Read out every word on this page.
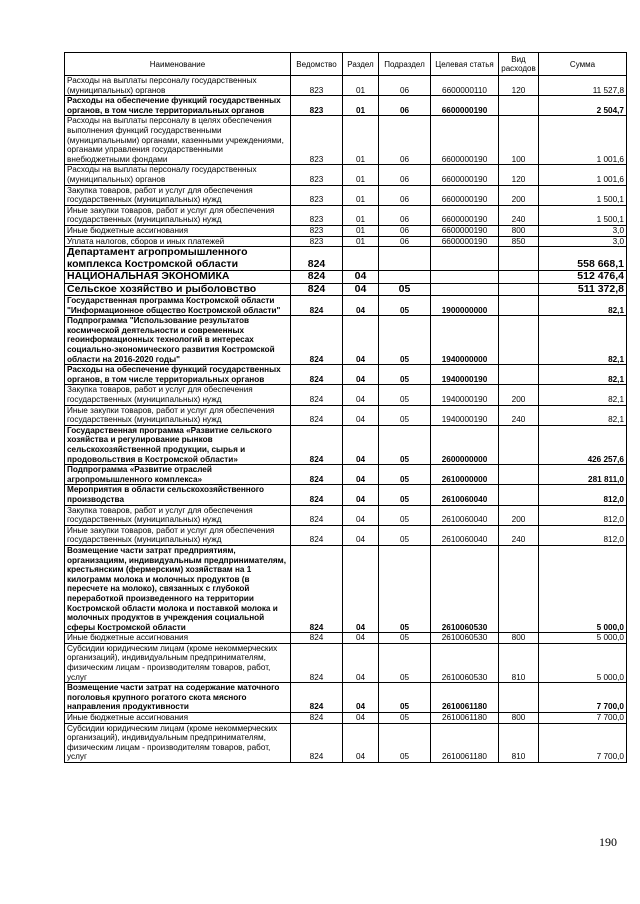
Наименование	Ведомство	Раздел	Подраздел	Целевая статья	Вид расходов	Сумма
Расходы на выплаты персоналу государственных (муниципальных) органов	823	01	06	6600000110	120	11 527,8
Расходы на обеспечение функций государственных органов, в том числе территориальных органов	823	01	06	6600000190		2 504,7
Расходы на выплаты персоналу в целях обеспечения выполнения функций государственными (муниципальными) органами, казенными учреждениями, органами управления государственными внебюджетными фондами	823	01	06	6600000190	100	1 001,6
Расходы на выплаты персоналу государственных (муниципальных) органов	823	01	06	6600000190	120	1 001,6
Закупка товаров, работ и услуг для обеспечения государственных (муниципальных) нужд	823	01	06	6600000190	200	1 500,1
Иные закупки товаров, работ и услуг для обеспечения государственных (муниципальных) нужд	823	01	06	6600000190	240	1 500,1
Иные бюджетные ассигнования	823	01	06	6600000190	800	3,0
Уплата налогов, сборов и иных платежей	823	01	06	6600000190	850	3,0
Департамент агропромышленного комплекса Костромской области	824					558 668,1
НАЦИОНАЛЬНАЯ ЭКОНОМИКА	824	04				512 476,4
Сельское хозяйство и рыболовство	824	04	05			511 372,8
Государственная программа Костромской области "Информационное общество Костромской области"	824	04	05	1900000000		82,1
Подпрограмма "Использование результатов космической деятельности и современных геоинформационных технологий в интересах социально-экономического развития Костромской области на 2016-2020 годы"	824	04	05	1940000000		82,1
Расходы на обеспечение функций государственных органов, в том числе территориальных органов	824	04	05	1940000190		82,1
Закупка товаров, работ и услуг для обеспечения государственных (муниципальных) нужд	824	04	05	1940000190	200	82,1
Иные закупки товаров, работ и услуг для обеспечения государственных (муниципальных) нужд	824	04	05	1940000190	240	82,1
Государственная программа «Развитие сельского хозяйства и регулирование рынков сельскохозяйственной продукции, сырья и продовольствия в Костромской области»	824	04	05	2600000000		426 257,6
Подпрограмма «Развитие отраслей агропромышленного комплекса»	824	04	05	2610000000		281 811,0
Мероприятия в области сельскохозяйственного производства	824	04	05	2610060040		812,0
Закупка товаров, работ и услуг для обеспечения государственных (муниципальных) нужд	824	04	05	2610060040	200	812,0
Иные закупки товаров, работ и услуг для обеспечения государственных (муниципальных) нужд	824	04	05	2610060040	240	812,0
Возмещение части затрат предприятиям, организациям, индивидуальным предпринимателям, крестьянским (фермерским) хозяйствам на 1 килограмм молока и молочных продуктов (в пересчете на молоко), связанных с глубокой переработкой произведенного на территории Костромской области молока и поставкой молока и молочных продуктов в учреждения социальной сферы Костромской области	824	04	05	2610060530		5 000,0
Иные бюджетные ассигнования	824	04	05	2610060530	800	5 000,0
Субсидии юридическим лицам (кроме некоммерческих организаций), индивидуальным предпринимателям, физическим лицам - производителям товаров, работ, услуг	824	04	05	2610060530	810	5 000,0
Возмещение части затрат на содержание маточного поголовья крупного рогатого скота мясного направления продуктивности	824	04	05	2610061180		7 700,0
Иные бюджетные ассигнования	824	04	05	2610061180	800	7 700,0
Субсидии юридическим лицам (кроме некоммерческих организаций), индивидуальным предпринимателям, физическим лицам - производителям товаров, работ, услуг	824	04	05	2610061180	810	7 700,0
190
